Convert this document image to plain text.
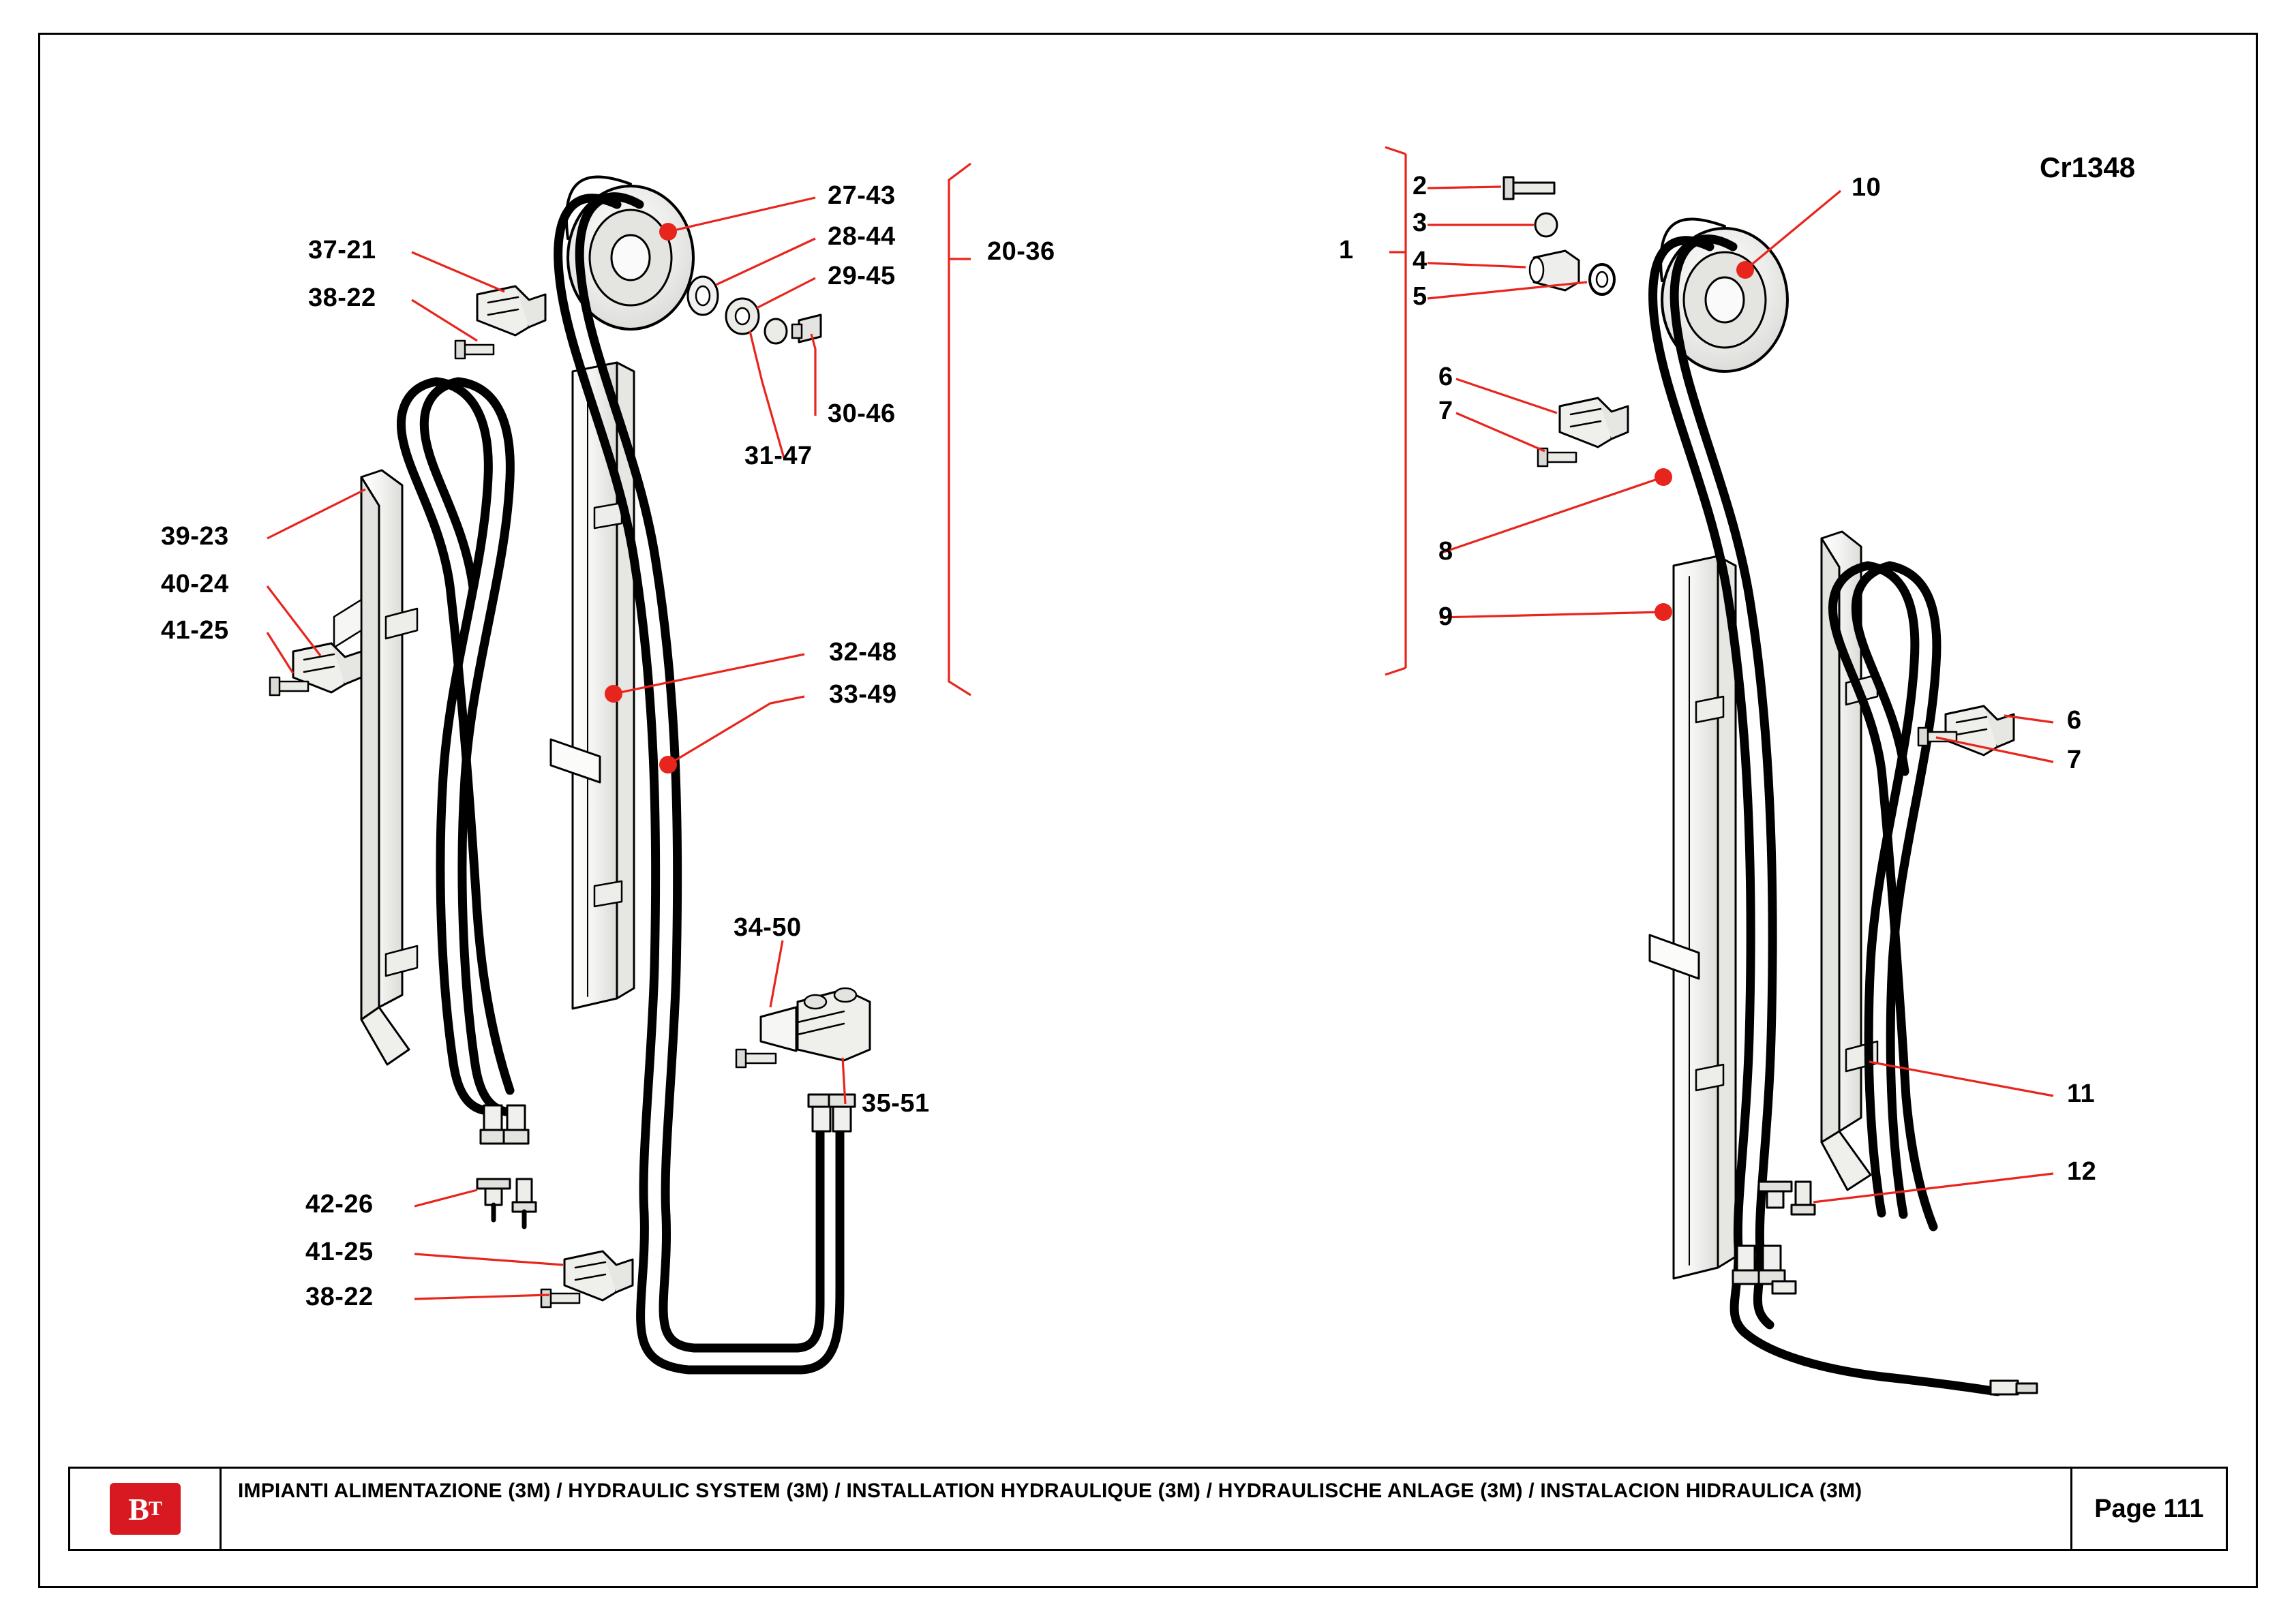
Cr1348
27-43
28-44
29-45
30-46
31-47
20-36
37-21
38-22
39-23
40-24
41-25
32-48
33-49
34-50
35-51
42-26
41-25
38-22
1
2
3
4
5
6
7
8
9
10
6
7
11
12
B T
IMPIANTI ALIMENTAZIONE (3M) / HYDRAULIC SYSTEM (3M) / INSTALLATION HYDRAULIQUE (3M) / HYDRAULISCHE ANLAGE (3M) / INSTALACION HIDRAULICA (3M)
Page 111
